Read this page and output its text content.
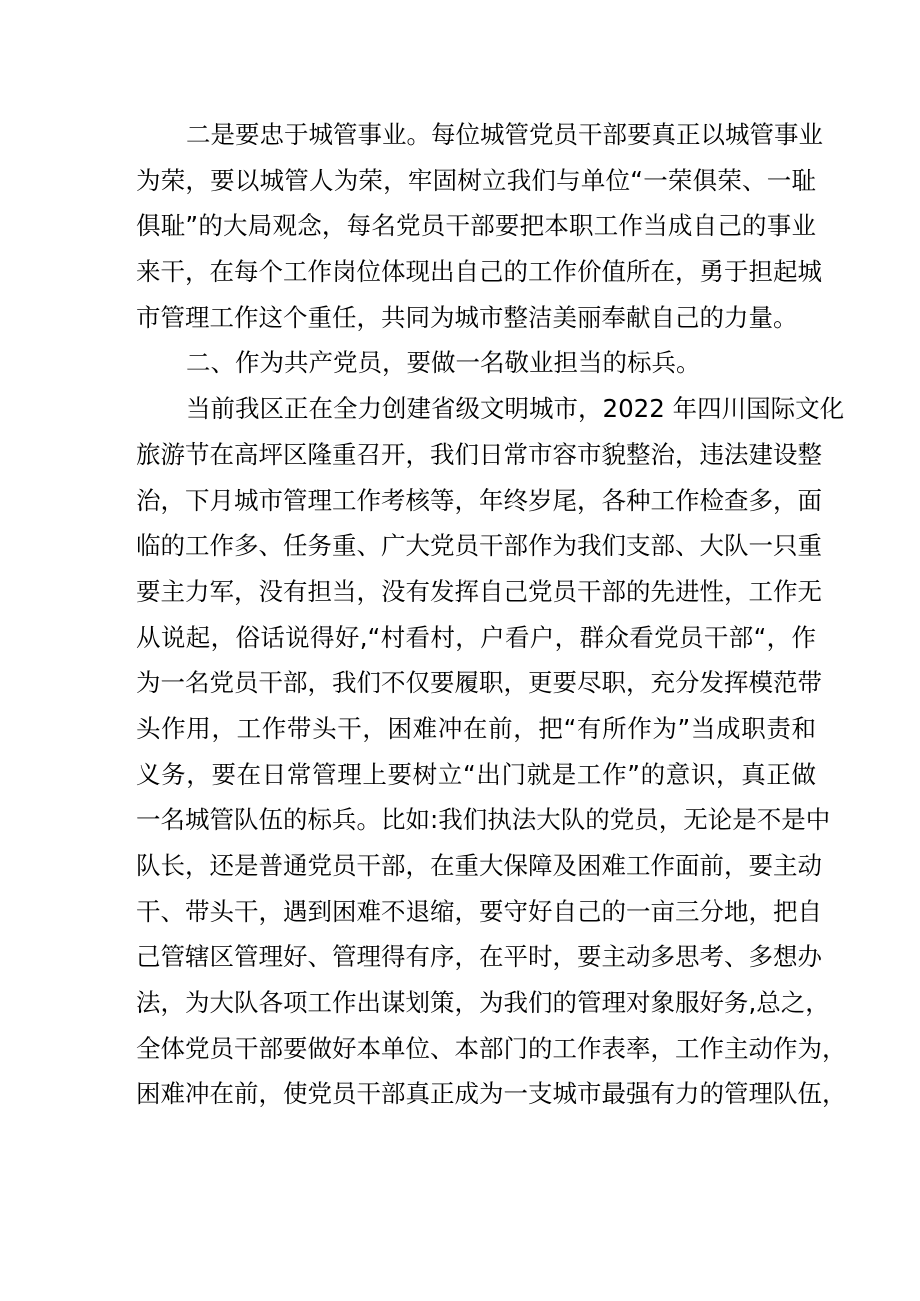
二是要忠于城管事业。每位城管党员干部要真正以城管事业
为荣，要以城管人为荣，牢固树立我们与单位“一荣俱荣、一耻
俱耻”的大局观念，每名党员干部要把本职工作当成自己的事业
来干，在每个工作岗位体现出自己的工作价值所在，勇于担起城
市管理工作这个重任，共同为城市整洁美丽奉献自己的力量。
二、作为共产党员，要做一名敬业担当的标兵。
当前我区正在全力创建省级文明城市，2022 年四川国际文化
旅游节在高坪区隆重召开，我们日常市容市貌整治，违法建设整
治，下月城市管理工作考核等，年终岁尾，各种工作检查多，面
临的工作多、任务重、广大党员干部作为我们支部、大队一只重
要主力军，没有担当，没有发挥自己党员干部的先进性，工作无
从说起，俗话说得好,“村看村，户看户，群众看党员干部“，作
为一名党员干部，我们不仅要履职，更要尽职，充分发挥模范带
头作用，工作带头干，困难冲在前，把“有所作为”当成职责和
义务，要在日常管理上要树立“出门就是工作”的意识，真正做
一名城管队伍的标兵。比如:我们执法大队的党员，无论是不是中
队长，还是普通党员干部，在重大保障及困难工作面前，要主动
干、带头干，遇到困难不退缩，要守好自己的一亩三分地，把自
己管辖区管理好、管理得有序，在平时，要主动多思考、多想办
法，为大队各项工作出谋划策，为我们的管理对象服好务,总之，
全体党员干部要做好本单位、本部门的工作表率，工作主动作为，
困难冲在前，使党员干部真正成为一支城市最强有力的管理队伍，
